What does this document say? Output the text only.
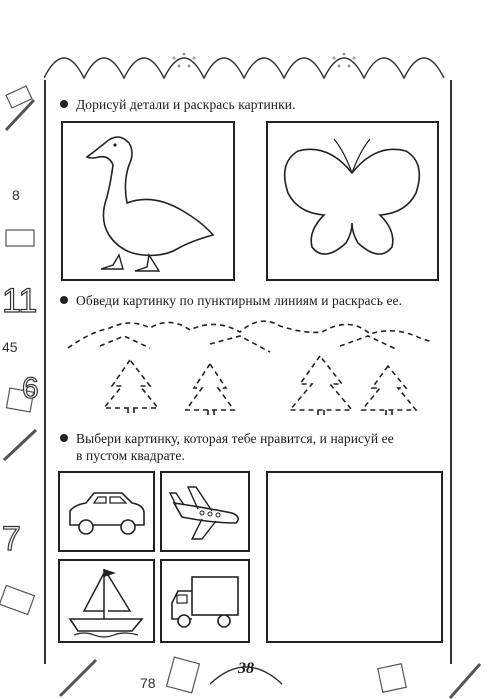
8
11
45
6
7
Дорисуй детали и раскрась картинки.
Обведи картинку по пунктирным линиям и раскрась ее.
Выбери картинку, которая тебе нравится, и нарисуй ее
в пустом квадрате.
78
38
